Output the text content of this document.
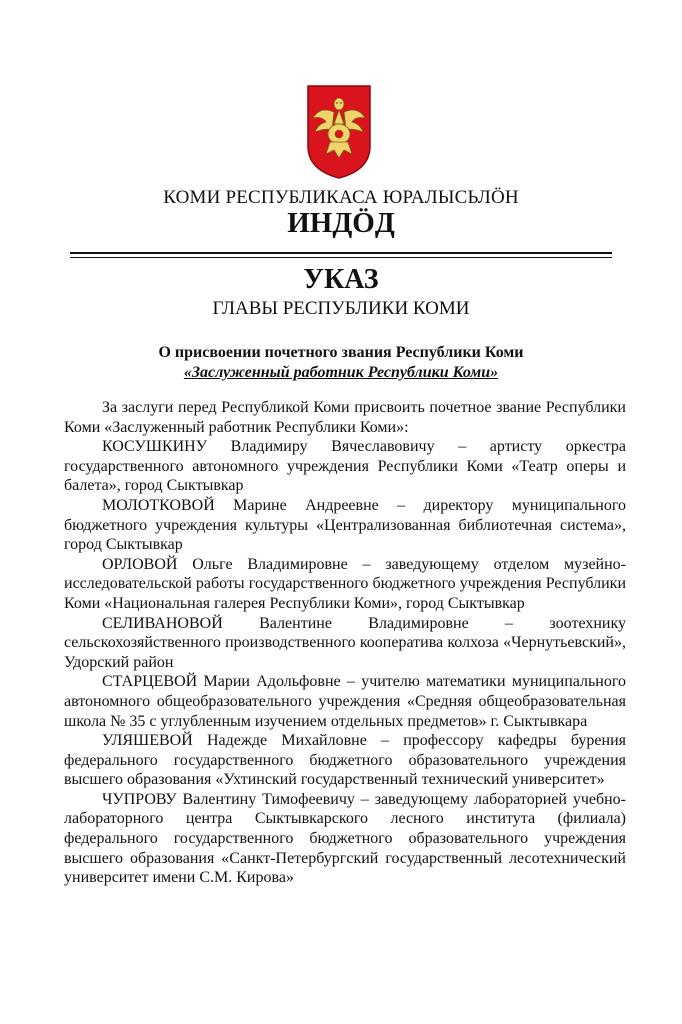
КОМИ РЕСПУБЛИКАСА ЮРАЛЫСЬЛӦН
ИНДӦД
УКАЗ
ГЛАВЫ РЕСПУБЛИКИ КОМИ
О присвоении почетного звания Республики Коми
«Заслуженный работник Республики Коми»

За заслуги перед Республикой Коми присвоить почетное звание Республики Коми «Заслуженный работник Республики Коми»:

КОСУШКИНУ Владимиру Вячеславовичу – артисту оркестра государственного автономного учреждения Республики Коми «Театр оперы и балета», город Сыктывкар

МОЛОТКОВОЙ Марине Андреевне – директору муниципального бюджетного учреждения культуры «Централизованная библиотечная система», город Сыктывкар

ОРЛОВОЙ Ольге Владимировне – заведующему отделом музейно-исследовательской работы государственного бюджетного учреждения Республики Коми «Национальная галерея Республики Коми», город Сыктывкар

СЕЛИВАНОВОЙ Валентине Владимировне – зоотехнику сельскохозяйственного производственного кооператива колхоза «Чернутьевский», Удорский район

СТАРЦЕВОЙ Марии Адольфовне – учителю математики муниципального автономного общеобразовательного учреждения «Средняя общеобразовательная школа № 35 с углубленным изучением отдельных предметов» г. Сыктывкара

УЛЯШЕВОЙ Надежде Михайловне – профессору кафедры бурения федерального государственного бюджетного образовательного учреждения высшего образования «Ухтинский государственный технический университет»

ЧУПРОВУ Валентину Тимофеевичу – заведующему лабораторией учебно-лабораторного центра Сыктывкарского лесного института (филиала) федерального государственного бюджетного образовательного учреждения высшего образования «Санкт-Петербургский государственный лесотехнический университет имени С.М. Кирова»
